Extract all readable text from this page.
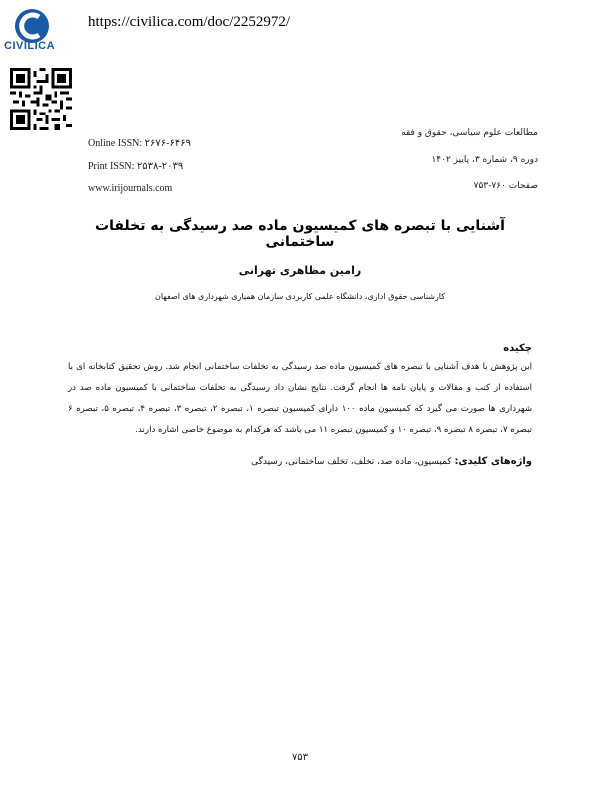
CIVILICA
https://civilica.com/doc/2252972/
Online ISSN: ۲۶۷۶-۶۴۶۹
Print ISSN: ۲۵۳۸-۲۰۳۹
www.irijournals.com
مطالعات علوم سیاسی، حقوق و فقه
دوره ۹، شماره ۳، پاییز ۱۴۰۲
صفحات ۷۶۰-۷۵۳
آشنایی با تبصره های کمیسیون ماده صد رسیدگی به تخلفات ساختمانی
رامین مظاهری تهرانی
کارشناسی حقوق اداری، دانشگاه علمی کاربردی سازمان همیاری شهرداری های اصفهان
چکیده
این پژوهش با هدف آشنایی با تبصره های کمیسیون ماده صد رسیدگی به تخلفات ساختمانی انجام شد. روش تحقیق کتابخانه ای با استفاده از کتب و مقالات و پایان نامه ها انجام گرفت. نتایج نشان داد رسیدگی به تخلفات ساختمانی با کمیسیون ماده صد در شهرداری ها صورت می گیرد که کمیسیون ماده ۱۰۰ دارای کمیسیون تبصره ۱، تبصره ۲، تبصره ۳، تبصره ۴، تبصره ۵، تبصره ۶ تبصره ۷، تبصره ۸ تبصره ۹، تبصره ۱۰ و کمیسیون تبصره ۱۱ می باشد که هرکدام به موضوع خاصی اشاره دارند.
واژه‌های کلیدی: کمیسیون، ماده صد، تخلف، تخلف ساختمانی، رسیدگی
۷۵۳
